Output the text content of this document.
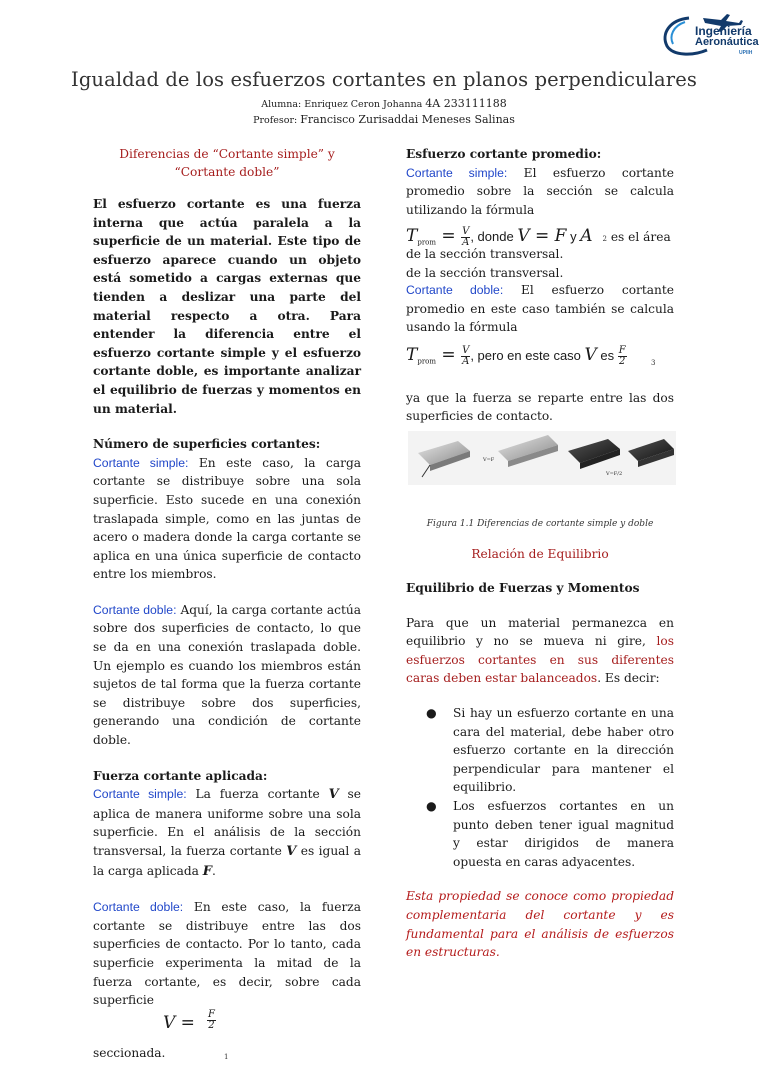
Ingeniería
Aeronáutica
UPIIH
Igualdad de los esfuerzos cortantes en planos perpendiculares
Alumna: Enriquez Ceron Johanna 4A 233111188
Profesor: Francisco Zurisaddai Meneses Salinas
Diferencias de “Cortante simple” y “Cortante doble”

El esfuerzo cortante es una fuerza interna que actúa paralela a la superficie de un material. Este tipo de esfuerzo aparece cuando un objeto está sometido a cargas externas que tienden a deslizar una parte del material respecto a otra. Para entender la diferencia entre el esfuerzo cortante simple y el esfuerzo cortante doble, es importante analizar el equilibrio de fuerzas y momentos en un material.

Número de superficies cortantes:

Cortante simple: En este caso, la carga cortante se distribuye sobre una sola superficie. Esto sucede en una conexión traslapada simple, como en las juntas de acero o madera donde la carga cortante se aplica en una única superficie de contacto entre los miembros.

Cortante doble: Aquí, la carga cortante actúa sobre dos superficies de contacto, lo que se da en una conexión traslapada doble. Un ejemplo es cuando los miembros están sujetos de tal forma que la fuerza cortante se distribuye sobre dos superficies, generando una condición de cortante doble.

Fuerza cortante aplicada:

Cortante simple: La fuerza cortante V se aplica de manera uniforme sobre una sola superficie. En el análisis de la sección transversal, la fuerza cortante V es igual a la carga aplicada F.

Cortante doble: En este caso, la fuerza cortante se distribuye entre las dos superficies de contacto. Por lo tanto, cada superficie experimenta la mitad de la fuerza cortante, es decir, sobre cada superficie

$V = \frac{F}{2}$
seccionada.	1
Esfuerzo cortante promedio:

Cortante simple: El esfuerzo cortante promedio sobre la sección se calcula utilizando la fórmula

$T_{prom} = \frac{V}{A}$ , donde V = F y A 2 es el área de la sección transversal.

de la sección transversal.

Cortante doble: El esfuerzo cortante promedio en este caso también se calcula usando la fórmula

$T_{prom} = \frac{V}{A}$ , pero en este caso V es $\frac{F}{2}$	3

ya que la fuerza se reparte entre las dos superficies de contacto.

V=F
V=F/2
Figura 1.1 Diferencias de cortante simple y doble
Relación de Equilibrio
Equilibrio de Fuerzas y Momentos

Para que un material permanezca en equilibrio y no se mueva ni gire, los esfuerzos cortantes en sus diferentes caras deben estar balanceados. Es decir:

● Si hay un esfuerzo cortante en una cara del material, debe haber otro esfuerzo cortante en la dirección perpendicular para mantener el equilibrio.
● Los esfuerzos cortantes en un punto deben tener igual magnitud y estar dirigidos de manera opuesta en caras adyacentes.

Esta propiedad se conoce como propiedad complementaria del cortante y es fundamental para el análisis de esfuerzos en estructuras.
